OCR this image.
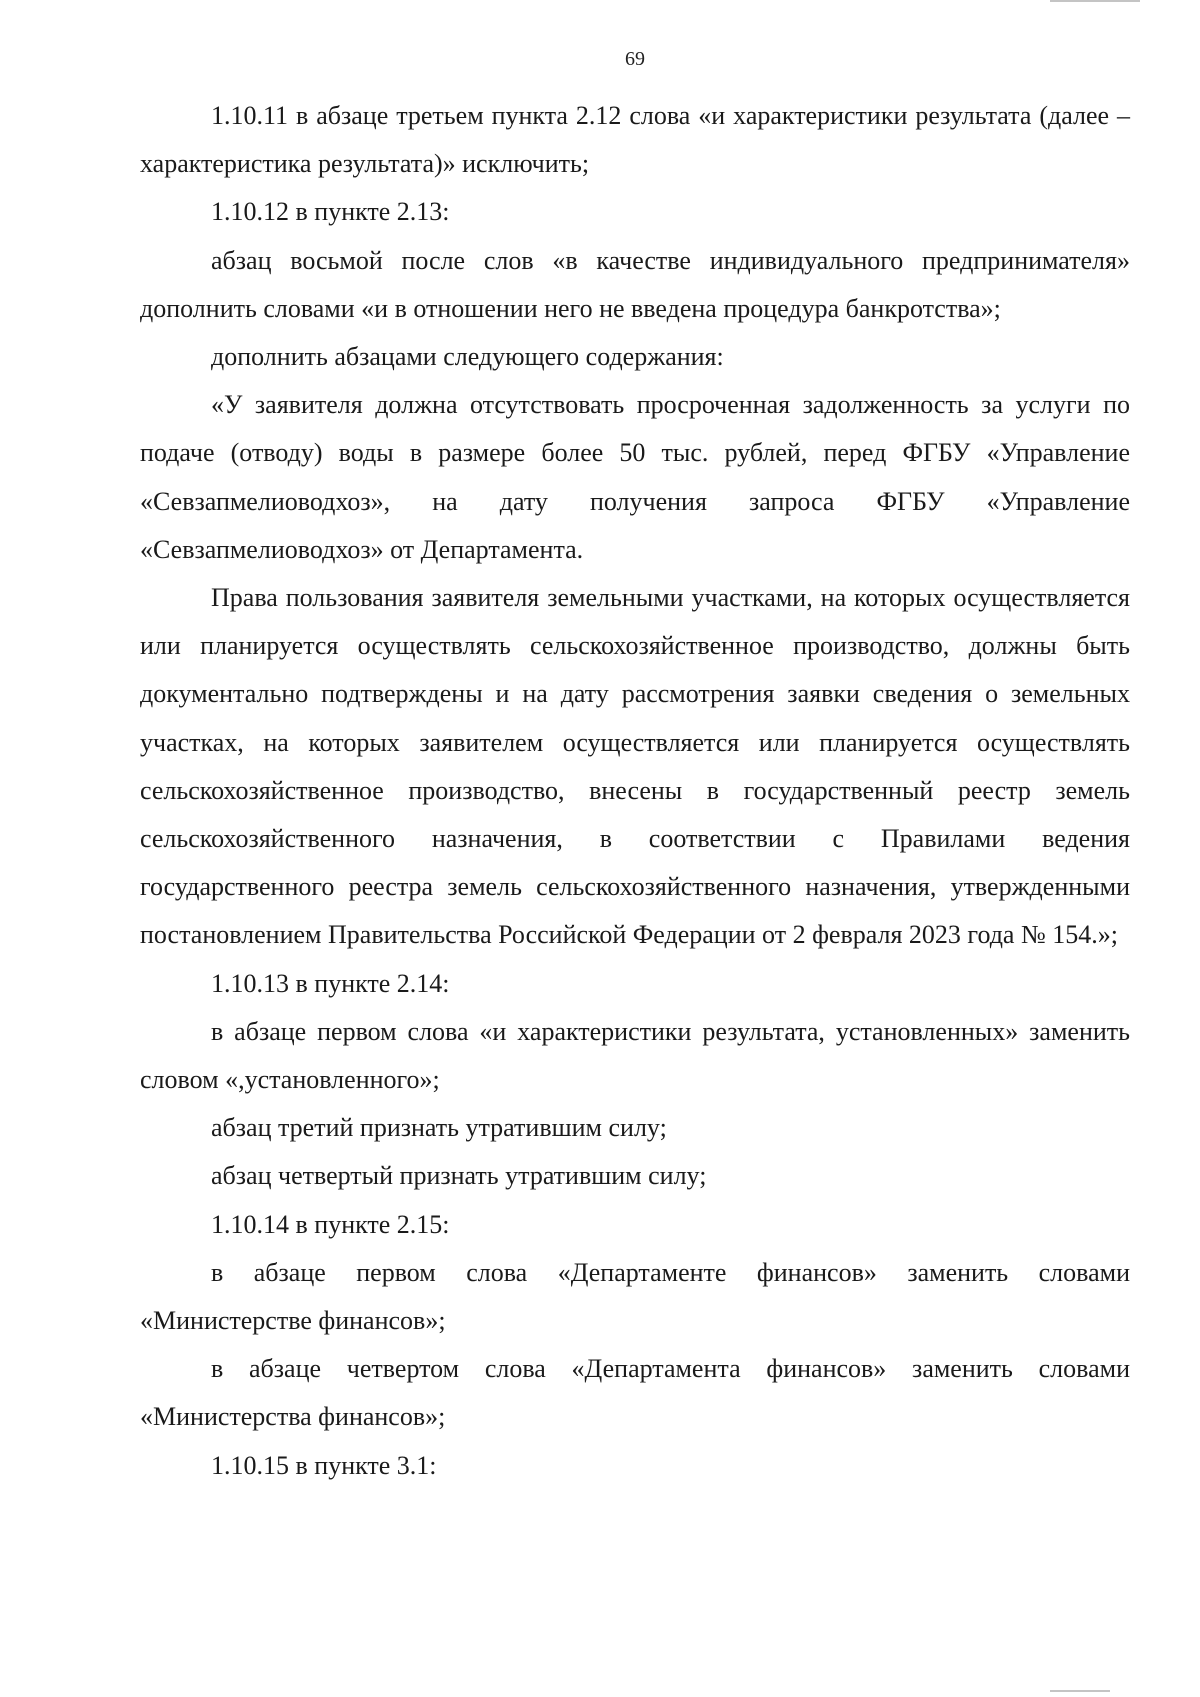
69

1.10.11 в абзаце третьем пункта 2.12 слова «и характеристики результата (далее – характеристика результата)» исключить;

1.10.12 в пункте 2.13:

абзац восьмой после слов «в качестве индивидуального предпринимателя» дополнить словами «и в отношении него не введена процедура банкротства»;

дополнить абзацами следующего содержания:

«У заявителя должна отсутствовать просроченная задолженность за услуги по подаче (отводу) воды в размере более 50 тыс. рублей, перед ФГБУ «Управление «Севзапмелиоводхоз», на дату получения запроса ФГБУ «Управление «Севзапмелиоводхоз» от Департамента.

Права пользования заявителя земельными участками, на которых осуществляется или планируется осуществлять сельскохозяйственное производство, должны быть документально подтверждены и на дату рассмотрения заявки сведения о земельных участках, на которых заявителем осуществляется или планируется осуществлять сельскохозяйственное производство, внесены в государственный реестр земель сельскохозяйственного назначения, в соответствии с Правилами ведения государственного реестра земель сельскохозяйственного назначения, утвержденными постановлением Правительства Российской Федерации от 2 февраля 2023 года № 154.»;

1.10.13 в пункте 2.14:

в абзаце первом слова «и характеристики результата, установленных» заменить словом «,установленного»;

абзац третий признать утратившим силу;

абзац четвертый признать утратившим силу;

1.10.14 в пункте 2.15:

в абзаце первом слова «Департаменте финансов» заменить словами «Министерстве финансов»;

в абзаце четвертом слова «Департамента финансов» заменить словами «Министерства финансов»;

1.10.15 в пункте 3.1:
